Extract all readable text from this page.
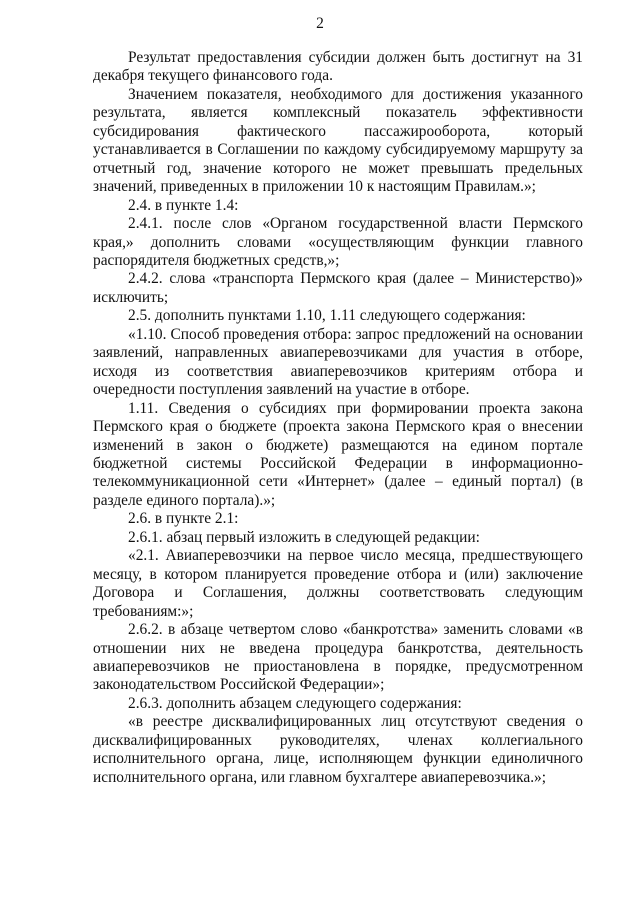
2

Результат предоставления субсидии должен быть достигнут на 31 декабря текущего финансового года.

Значением показателя, необходимого для достижения указанного результата, является комплексный показатель эффективности субсидирования фактического пассажирооборота, который устанавливается в Соглашении по каждому субсидируемому маршруту за отчетный год, значение которого не может превышать предельных значений, приведенных в приложении 10 к настоящим Правилам.»;

2.4. в пункте 1.4:

2.4.1. после слов «Органом государственной власти Пермского края,» дополнить словами «осуществляющим функции главного распорядителя бюджетных средств,»;

2.4.2. слова «транспорта Пермского края (далее – Министерство)» исключить;

2.5. дополнить пунктами 1.10, 1.11 следующего содержания:

«1.10. Способ проведения отбора: запрос предложений на основании заявлений, направленных авиаперевозчиками для участия в отборе, исходя из соответствия авиаперевозчиков критериям отбора и очередности поступления заявлений на участие в отборе.

1.11. Сведения о субсидиях при формировании проекта закона Пермского края о бюджете (проекта закона Пермского края о внесении изменений в закон о бюджете) размещаются на едином портале бюджетной системы Российской Федерации в информационно-телекоммуникационной сети «Интернет» (далее – единый портал) (в разделе единого портала).»;

2.6. в пункте 2.1:

2.6.1. абзац первый изложить в следующей редакции:

«2.1. Авиаперевозчики на первое число месяца, предшествующего месяцу, в котором планируется проведение отбора и (или) заключение Договора и Соглашения, должны соответствовать следующим требованиям:»;

2.6.2. в абзаце четвертом слово «банкротства» заменить словами «в отношении них не введена процедура банкротства, деятельность авиаперевозчиков не приостановлена в порядке, предусмотренном законодательством Российской Федерации»;

2.6.3. дополнить абзацем следующего содержания:

«в реестре дисквалифицированных лиц отсутствуют сведения о дисквалифицированных руководителях, членах коллегиального исполнительного органа, лице, исполняющем функции единоличного исполнительного органа, или главном бухгалтере авиаперевозчика.»;
